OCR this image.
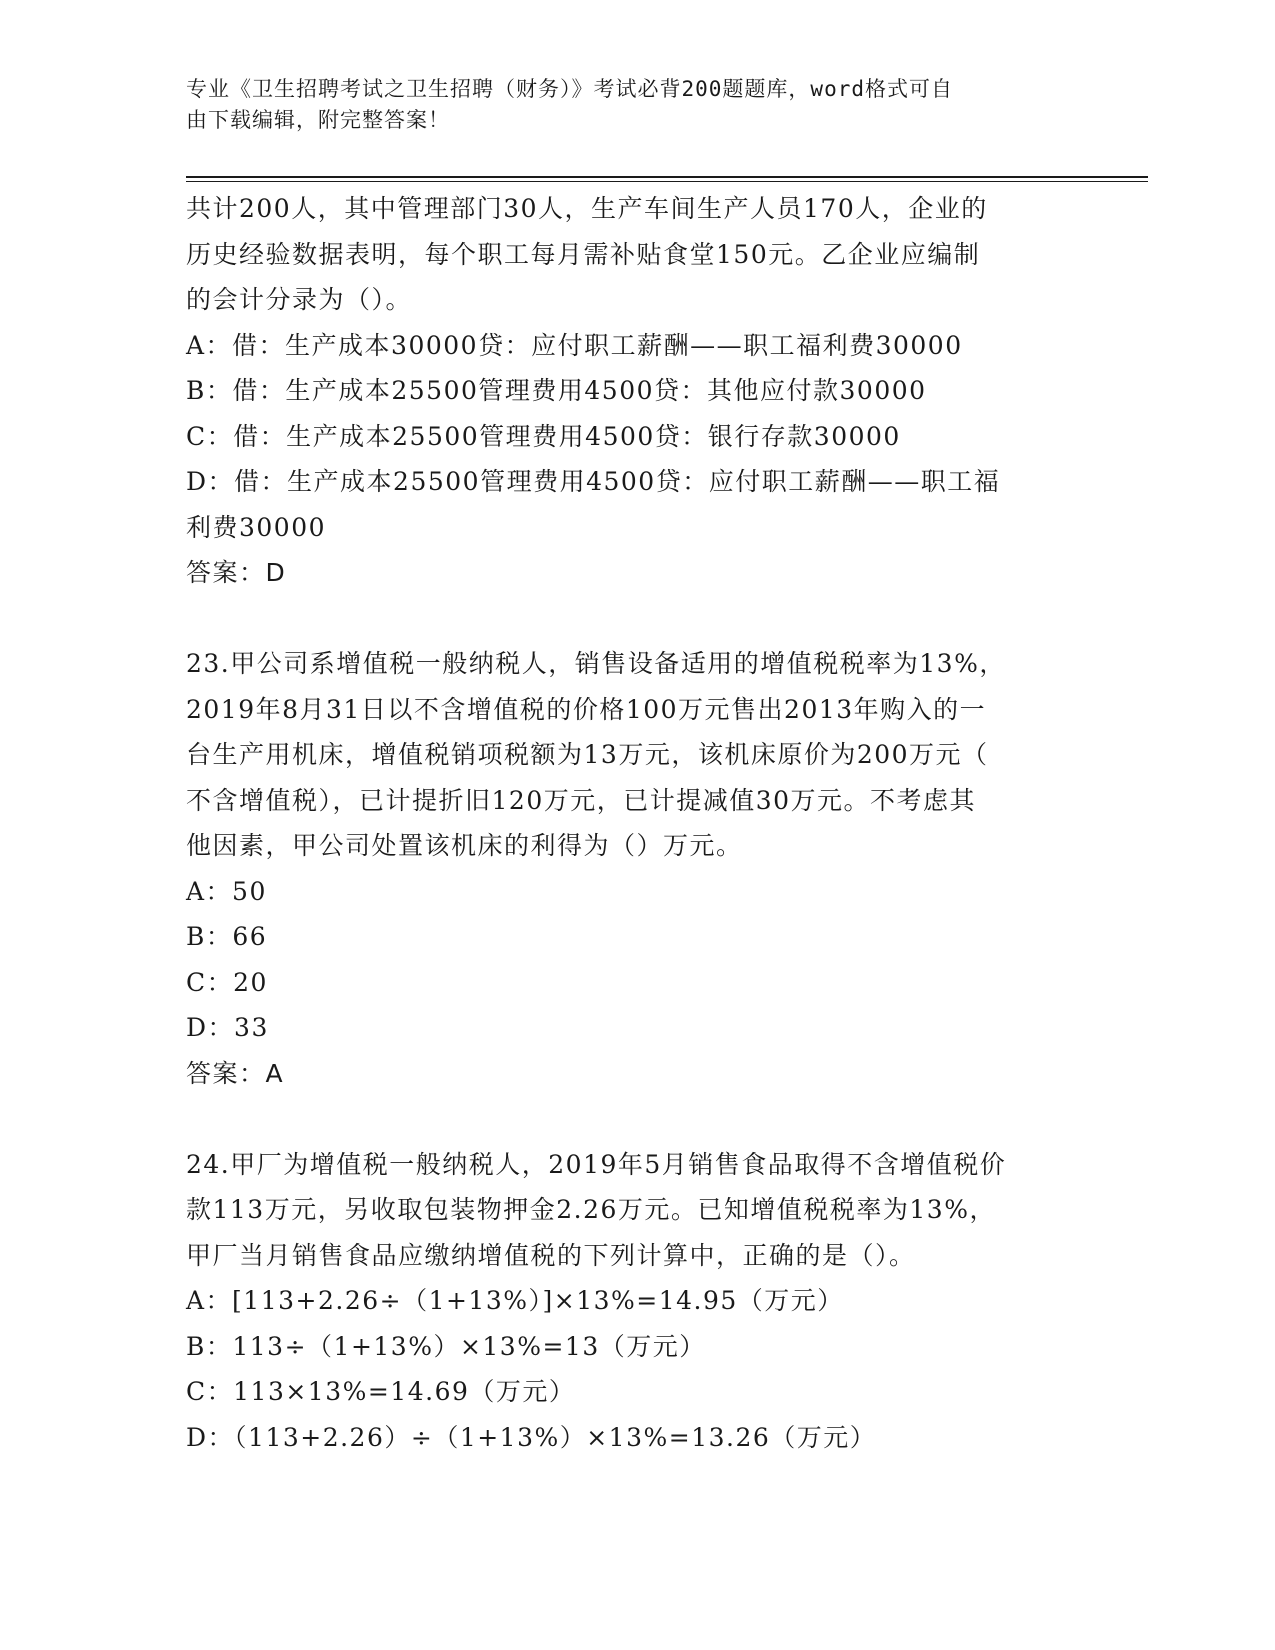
专业《卫生招聘考试之卫生招聘（财务）》考试必背200题题库，word格式可自
由下载编辑，附完整答案！
共计200人，其中管理部门30人，生产车间生产人员170人，企业的
历史经验数据表明，每个职工每月需补贴食堂150元。乙企业应编制
的会计分录为（）。
A：借：生产成本30000贷：应付职工薪酬——职工福利费30000
B：借：生产成本25500管理费用4500贷：其他应付款30000
C：借：生产成本25500管理费用4500贷：银行存款30000
D：借：生产成本25500管理费用4500贷：应付职工薪酬——职工福
利费30000
答案：D
23.甲公司系增值税一般纳税人，销售设备适用的增值税税率为13%，
2019年8月31日以不含增值税的价格100万元售出2013年购入的一
台生产用机床，增值税销项税额为13万元，该机床原价为200万元（
不含增值税），已计提折旧120万元，已计提减值30万元。不考虑其
他因素，甲公司处置该机床的利得为（）万元。
A：50
B：66
C：20
D：33
答案：A
24.甲厂为增值税一般纳税人，2019年5月销售食品取得不含增值税价
款113万元，另收取包装物押金2.26万元。已知增值税税率为13%，
甲厂当月销售食品应缴纳增值税的下列计算中，正确的是（）。
A：[113+2.26÷（1+13%）]×13%=14.95（万元）
B：113÷（1+13%）×13%=13（万元）
C：113×13%=14.69（万元）
D：（113+2.26）÷（1+13%）×13%=13.26（万元）
